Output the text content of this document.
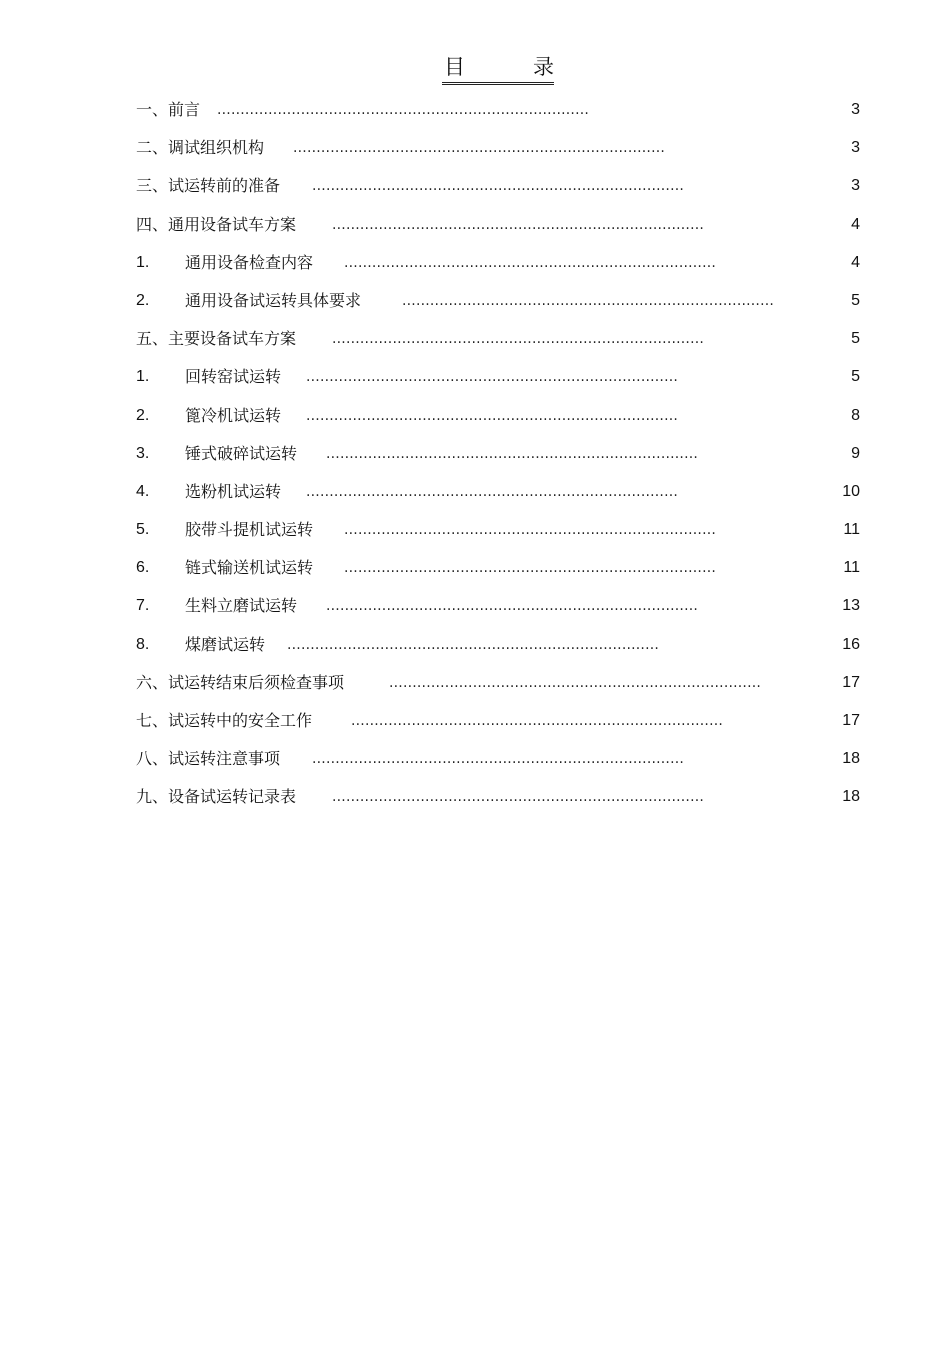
目	录
一、前言 ................................................................................	3
二、调试组织机构 ................................................................................	3
三、试运转前的准备 ................................................................................	3
四、通用设备试车方案	................................................................................	4
1. 通用设备检查内容 ................................................................................	4
2. 通用设备试运转具体要求	................................................................................	5
五、主要设备试车方案	................................................................................	5
1. 回转窑试运转 ................................................................................	5
2. 篦冷机试运转 ................................................................................	8
3. 锤式破碎试运转 ................................................................................	9
4. 选粉机试运转 ................................................................................	10
5. 胶带斗提机试运转 ................................................................................	11
6. 链式输送机试运转 ................................................................................	11
7. 生料立磨试运转 ................................................................................	13
8. 煤磨试运转 ................................................................................	16
六、试运转结束后须检查事项	................................................................................	17
七、试运转中的安全工作	................................................................................	17
八、试运转注意事项 ................................................................................	18
九、设备试运转记录表	................................................................................	18
